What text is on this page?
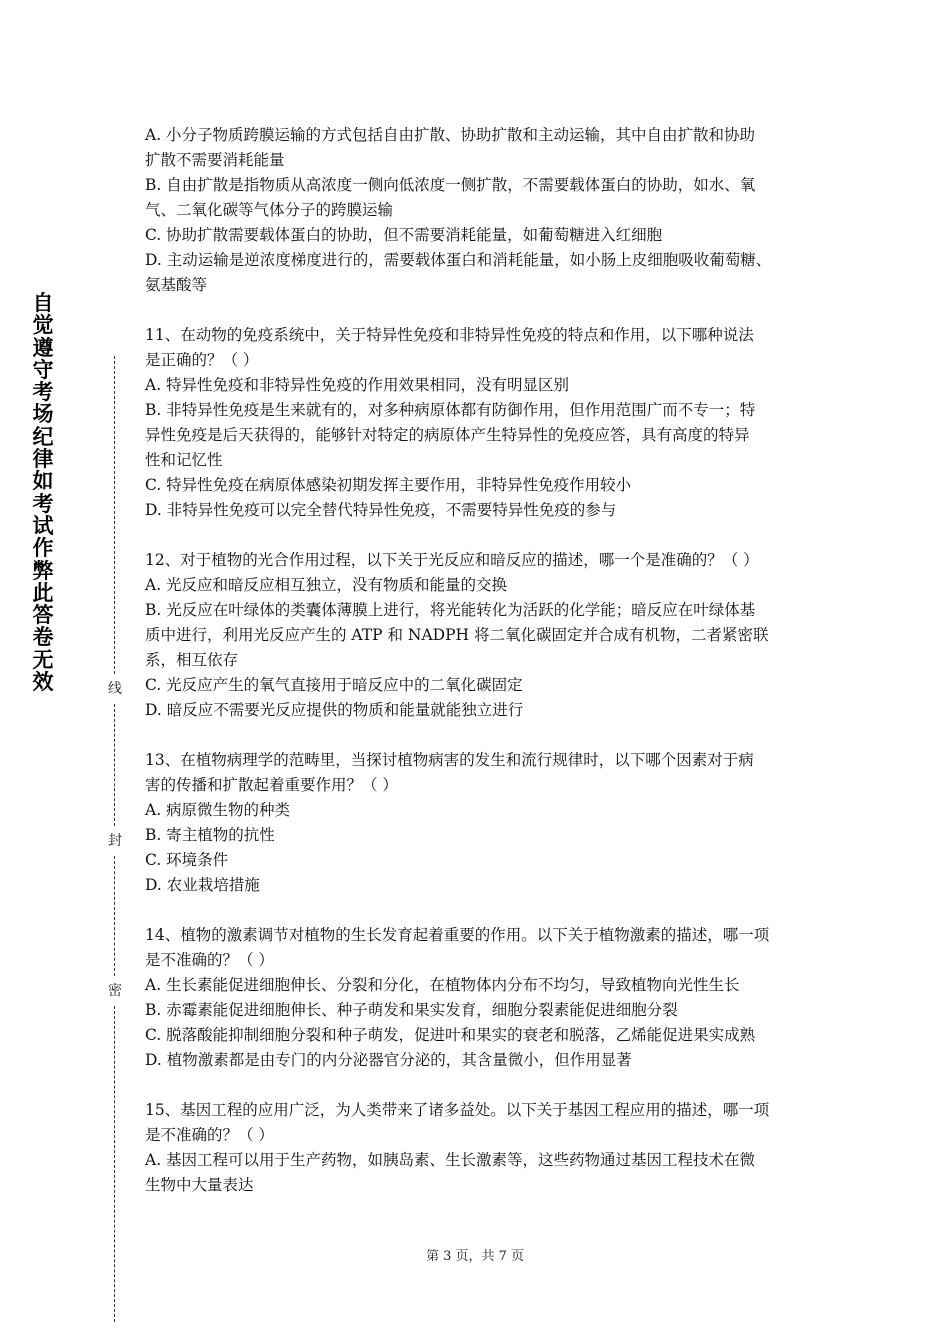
自
觉
遵
守
考
场
纪
律
如
考
试
作
弊
此
答
卷
无
效	线
封
密
A. 小分子物质跨膜运输的方式包括自由扩散、协助扩散和主动运输，其中自由扩散和协助
扩散不需要消耗能量
B. 自由扩散是指物质从高浓度一侧向低浓度一侧扩散，不需要载体蛋白的协助，如水、氧
气、二氧化碳等气体分子的跨膜运输
C. 协助扩散需要载体蛋白的协助，但不需要消耗能量，如葡萄糖进入红细胞
D. 主动运输是逆浓度梯度进行的，需要载体蛋白和消耗能量，如小肠上皮细胞吸收葡萄糖、
氨基酸等
11、在动物的免疫系统中，关于特异性免疫和非特异性免疫的特点和作用，以下哪种说法
是正确的？（ ）
A. 特异性免疫和非特异性免疫的作用效果相同，没有明显区别
B. 非特异性免疫是生来就有的，对多种病原体都有防御作用，但作用范围广而不专一；特
异性免疫是后天获得的，能够针对特定的病原体产生特异性的免疫应答，具有高度的特异
性和记忆性
C. 特异性免疫在病原体感染初期发挥主要作用，非特异性免疫作用较小
D. 非特异性免疫可以完全替代特异性免疫，不需要特异性免疫的参与
12、对于植物的光合作用过程，以下关于光反应和暗反应的描述，哪一个是准确的？（ ）
A. 光反应和暗反应相互独立，没有物质和能量的交换
B. 光反应在叶绿体的类囊体薄膜上进行，将光能转化为活跃的化学能；暗反应在叶绿体基
质中进行，利用光反应产生的 ATP 和 NADPH 将二氧化碳固定并合成有机物，二者紧密联
系，相互依存
C. 光反应产生的氧气直接用于暗反应中的二氧化碳固定
D. 暗反应不需要光反应提供的物质和能量就能独立进行
13、在植物病理学的范畴里，当探讨植物病害的发生和流行规律时，以下哪个因素对于病
害的传播和扩散起着重要作用？（ ）
A. 病原微生物的种类
B. 寄主植物的抗性
C. 环境条件
D. 农业栽培措施
14、植物的激素调节对植物的生长发育起着重要的作用。以下关于植物激素的描述，哪一项
是不准确的？（ ）
A. 生长素能促进细胞伸长、分裂和分化，在植物体内分布不均匀，导致植物向光性生长
B. 赤霉素能促进细胞伸长、种子萌发和果实发育，细胞分裂素能促进细胞分裂
C. 脱落酸能抑制细胞分裂和种子萌发，促进叶和果实的衰老和脱落，乙烯能促进果实成熟
D. 植物激素都是由专门的内分泌器官分泌的，其含量微小，但作用显著
15、基因工程的应用广泛，为人类带来了诸多益处。以下关于基因工程应用的描述，哪一项
是不准确的？（ ）
A. 基因工程可以用于生产药物，如胰岛素、生长激素等，这些药物通过基因工程技术在微
生物中大量表达
第 3 页，共 7 页
